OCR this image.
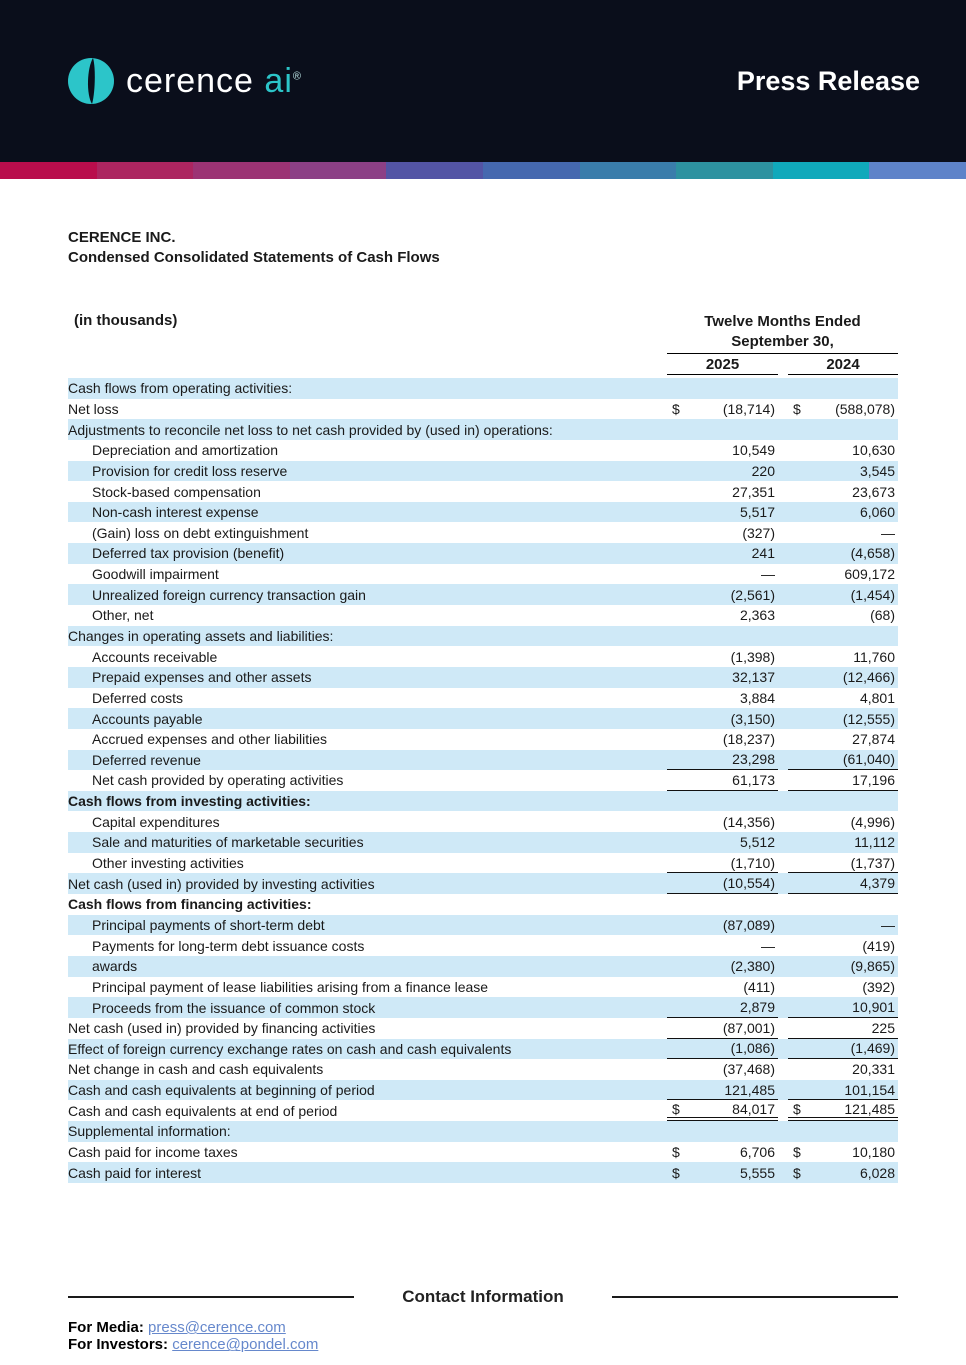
cerence ai®	Press Release
CERENCE INC.
Condensed Consolidated Statements of Cash Flows
(in thousands)	Twelve Months Ended
September 30,
2025	2024
Cash flows from operating activities:
Net loss	$	(18,714) $ (588,078)
Adjustments to reconcile net loss to net cash provided by (used in) operations:
Depreciation and amortization	10,549	10,630
Provision for credit loss reserve	220	3,545
Stock-based compensation	27,351	23,673
Non-cash interest expense	5,517	6,060
(Gain) loss on debt extinguishment	(327)	—
Deferred tax provision (benefit)	241	(4,658)
Goodwill impairment	—	609,172
Unrealized foreign currency transaction gain	(2,561)	(1,454)
Other, net	2,363	(68)
Changes in operating assets and liabilities:
Accounts receivable	(1,398)	11,760
Prepaid expenses and other assets	32,137	(12,466)
Deferred costs	3,884	4,801
Accounts payable	(3,150)	(12,555)
Accrued expenses and other liabilities	(18,237)	27,874
Deferred revenue	23,298	(61,040)
Net cash provided by operating activities	61,173	17,196
Cash flows from investing activities:
Capital expenditures	(14,356)	(4,996)
Sale and maturities of marketable securities	5,512	11,112
Other investing activities	(1,710)	(1,737)
Net cash (used in) provided by investing activities	(10,554)	4,379
Cash flows from financing activities:
Principal payments of short-term debt	(87,089)	—
Payments for long-term debt issuance costs	—	(419)
awards	(2,380)	(9,865)
Principal payment of lease liabilities arising from a finance lease	(411)	(392)
Proceeds from the issuance of common stock	2,879	10,901
Net cash (used in) provided by financing activities	(87,001)	225
Effect of foreign currency exchange rates on cash and cash equivalents	(1,086)	(1,469)
Net change in cash and cash equivalents	(37,468)	20,331
Cash and cash equivalents at beginning of period	121,485	101,154
Cash and cash equivalents at end of period	$	84,017 $	121,485
Supplemental information:
Cash paid for income taxes	$	6,706 $	10,180
Cash paid for interest	$	5,555 $	6,028
Contact Information
For Media: press@cerence.com
For Investors: cerence@pondel.com
